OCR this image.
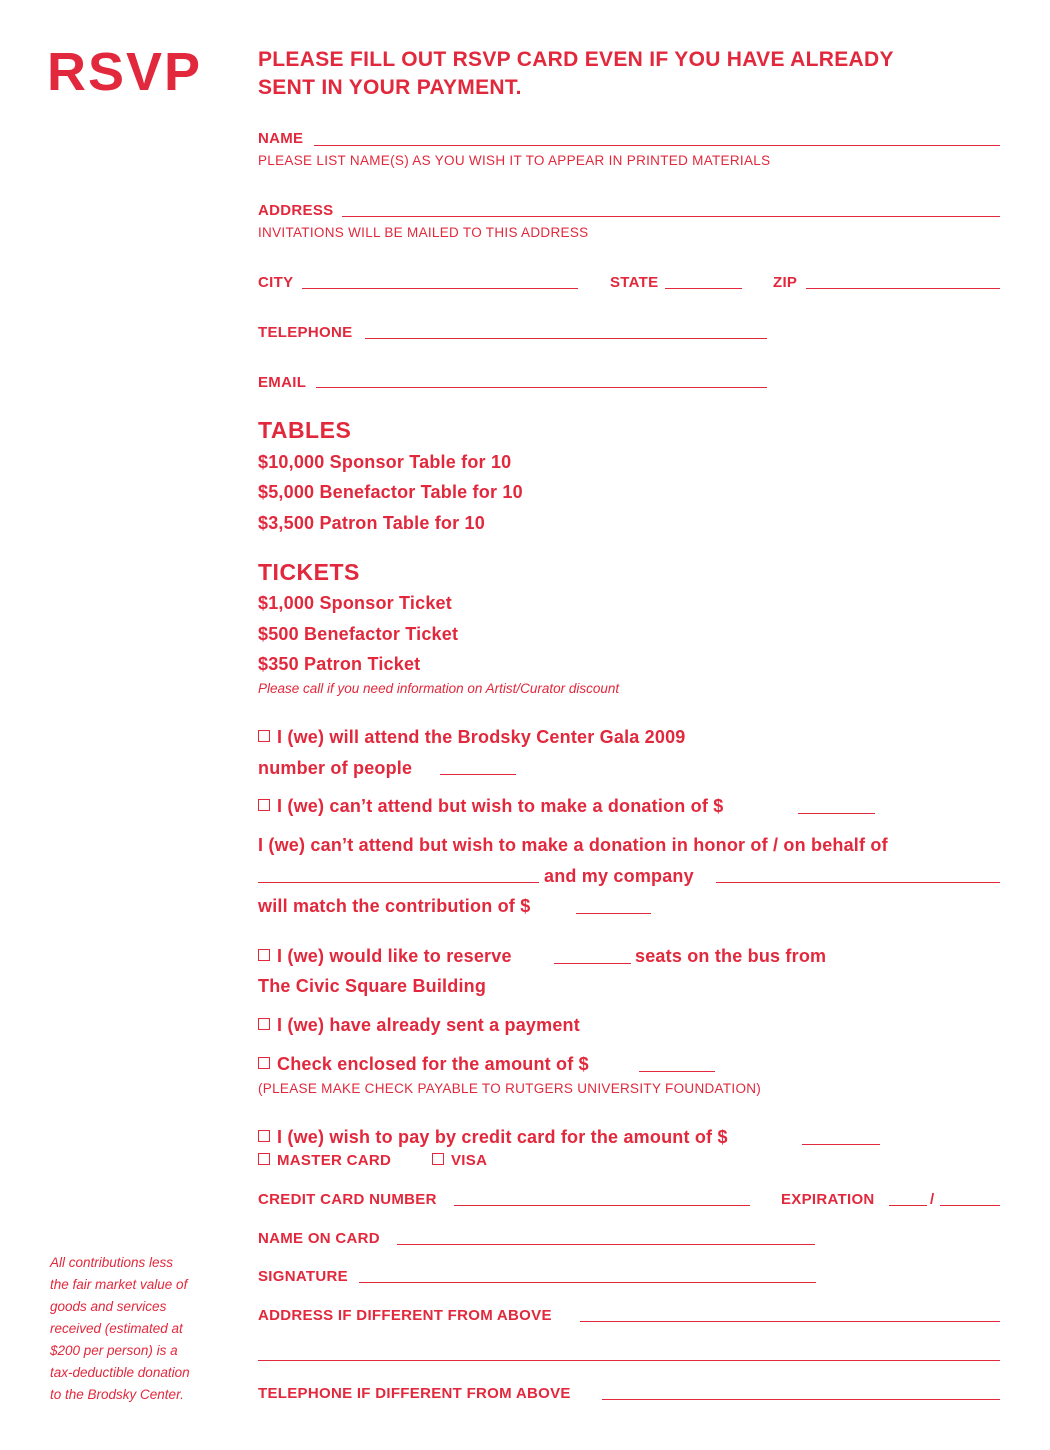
RSVP	PLEASE FILL OUT RSVP CARD EVEN IF YOU HAVE ALREADY
SENT IN YOUR PAYMENT.
NAME
PLEASE LIST NAME(S) AS YOU WISH IT TO APPEAR IN PRINTED MATERIALS
ADDRESS
INVITATIONS WILL BE MAILED TO THIS ADDRESS
CITY	STATE	ZIP
TELEPHONE
EMAIL
TABLES
$10,000 Sponsor Table for 10
$5,000 Benefactor Table for 10
$3,500 Patron Table for 10
TICKETS
$1,000 Sponsor Ticket
$500 Benefactor Ticket
$350 Patron Ticket
Please call if you need information on Artist/Curator discount
I (we) will attend the Brodsky Center Gala 2009
number of people
I (we) can’t attend but wish to make a donation of $
I (we) can’t attend but wish to make a donation in honor of / on behalf of
and my company
will match the contribution of $
I (we) would like to reserve	seats on the bus from
The Civic Square Building
I (we) have already sent a payment
Check enclosed for the amount of $
(PLEASE MAKE CHECK PAYABLE TO RUTGERS UNIVERSITY FOUNDATION)
I (we) wish to pay by credit card for the amount of $
MASTER CARD	VISA
CREDIT CARD NUMBER	EXPIRATION	/
NAME ON CARD
SIGNATURE
ADDRESS IF DIFFERENT FROM ABOVE
TELEPHONE IF DIFFERENT FROM ABOVE
All contributions less
the fair market value of
goods and services
received (estimated at
$200 per person) is a
tax-deductible donation
to the Brodsky Center.
